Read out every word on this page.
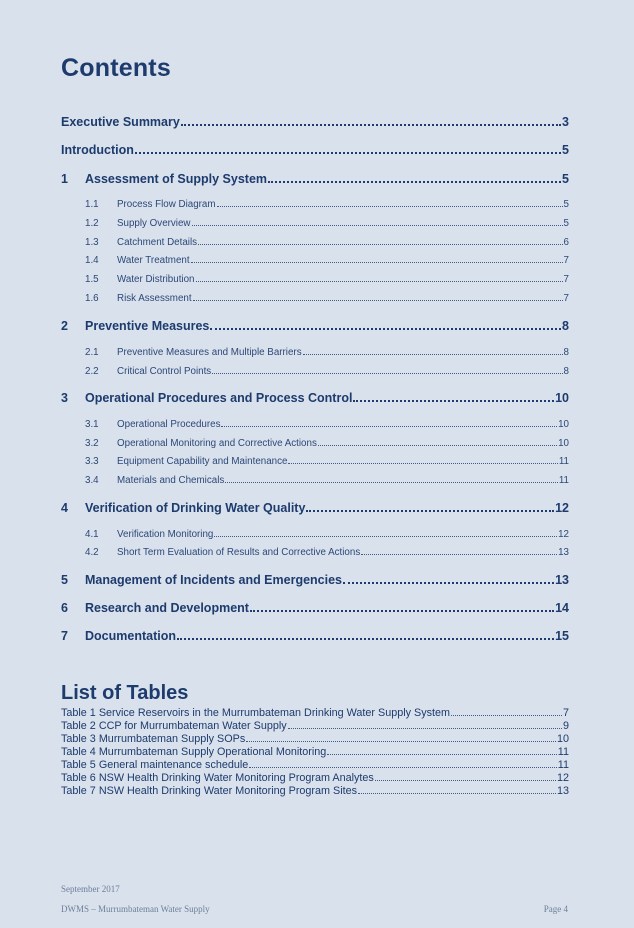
Contents
Executive Summary	3
Introduction	5
1	Assessment of Supply System	5
1.1	Process Flow Diagram	5
1.2	Supply Overview	5
1.3	Catchment Details	6
1.4	Water Treatment	7
1.5	Water Distribution	7
1.6	Risk Assessment	7
2	Preventive Measures	8
2.1	Preventive Measures and Multiple Barriers	8
2.2	Critical Control Points	8
3	Operational Procedures and Process Control	10
3.1	Operational Procedures	10
3.2	Operational Monitoring and Corrective Actions	10
3.3	Equipment Capability and Maintenance	11
3.4	Materials and Chemicals	11
4	Verification of Drinking Water Quality	12
4.1	Verification Monitoring	12
4.2	Short Term Evaluation of Results and Corrective Actions	13
5	Management of Incidents and Emergencies	13
6	Research and Development	14
7	Documentation	15
List of Tables
Table 1 Service Reservoirs in the Murrumbateman Drinking Water Supply System	7
Table 2 CCP for Murrumbateman Water Supply	9
Table 3 Murrumbateman Supply SOPs	10
Table 4 Murrumbateman Supply Operational Monitoring	11
Table 5 General maintenance schedule	11
Table 6 NSW Health Drinking Water Monitoring Program Analytes	12
Table 7 NSW Health Drinking Water Monitoring Program Sites	13
September 2017
DWMS – Murrumbateman Water Supply	Page 4
